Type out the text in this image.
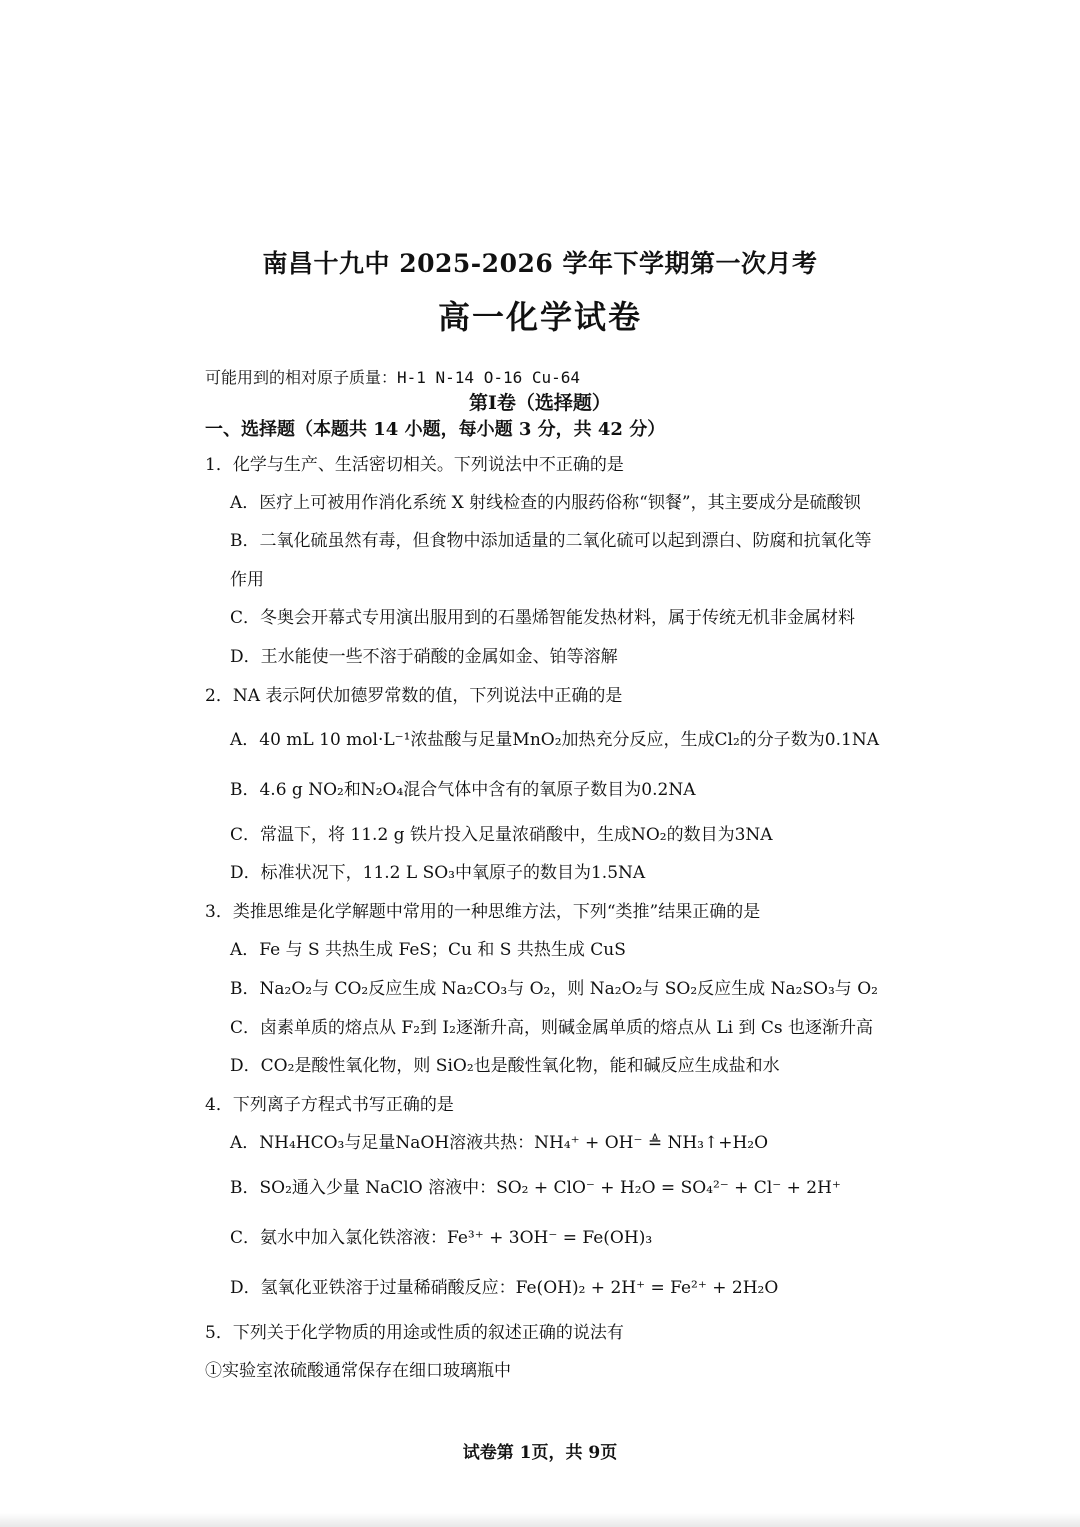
南昌十九中 2025-2026 学年下学期第一次月考
高一化学试卷
可能用到的相对原子质量：H-1 N-14 O-16 Cu-64
第Ⅰ卷（选择题）
一、选择题（本题共 14 小题，每小题 3 分，共 42 分）
1．化学与生产、生活密切相关。下列说法中不正确的是
A．医疗上可被用作消化系统 X 射线检查的内服药俗称“钡餐”，其主要成分是硫酸钡
B．二氧化硫虽然有毒，但食物中添加适量的二氧化硫可以起到漂白、防腐和抗氧化等
作用
C．冬奥会开幕式专用演出服用到的石墨烯智能发热材料，属于传统无机非金属材料
D．王水能使一些不溶于硝酸的金属如金、铂等溶解
2．NA 表示阿伏加德罗常数的值，下列说法中正确的是
A．40 mL 10 mol·L⁻¹浓盐酸与足量MnO₂加热充分反应，生成Cl₂的分子数为0.1NA
B．4.6 g NO₂和N₂O₄混合气体中含有的氧原子数目为0.2NA
C．常温下，将 11.2 g 铁片投入足量浓硝酸中，生成NO₂的数目为3NA
D．标准状况下，11.2 L SO₃中氧原子的数目为1.5NA
3．类推思维是化学解题中常用的一种思维方法，下列“类推”结果正确的是
A．Fe 与 S 共热生成 FeS；Cu 和 S 共热生成 CuS
B．Na₂O₂与 CO₂反应生成 Na₂CO₃与 O₂，则 Na₂O₂与 SO₂反应生成 Na₂SO₃与 O₂
C．卤素单质的熔点从 F₂到 I₂逐渐升高，则碱金属单质的熔点从 Li 到 Cs 也逐渐升高
D．CO₂是酸性氧化物，则 SiO₂也是酸性氧化物，能和碱反应生成盐和水
4．下列离子方程式书写正确的是
A．NH₄HCO₃与足量NaOH溶液共热：NH₄⁺ + OH⁻ ≜ NH₃↑+H₂O
B．SO₂通入少量 NaClO 溶液中：SO₂ + ClO⁻ + H₂O = SO₄²⁻ + Cl⁻ + 2H⁺
C．氨水中加入氯化铁溶液：Fe³⁺ + 3OH⁻ = Fe(OH)₃
D．氢氧化亚铁溶于过量稀硝酸反应：Fe(OH)₂ + 2H⁺ = Fe²⁺ + 2H₂O
5．下列关于化学物质的用途或性质的叙述正确的说法有
①实验室浓硫酸通常保存在细口玻璃瓶中
试卷第 1页，共 9页
